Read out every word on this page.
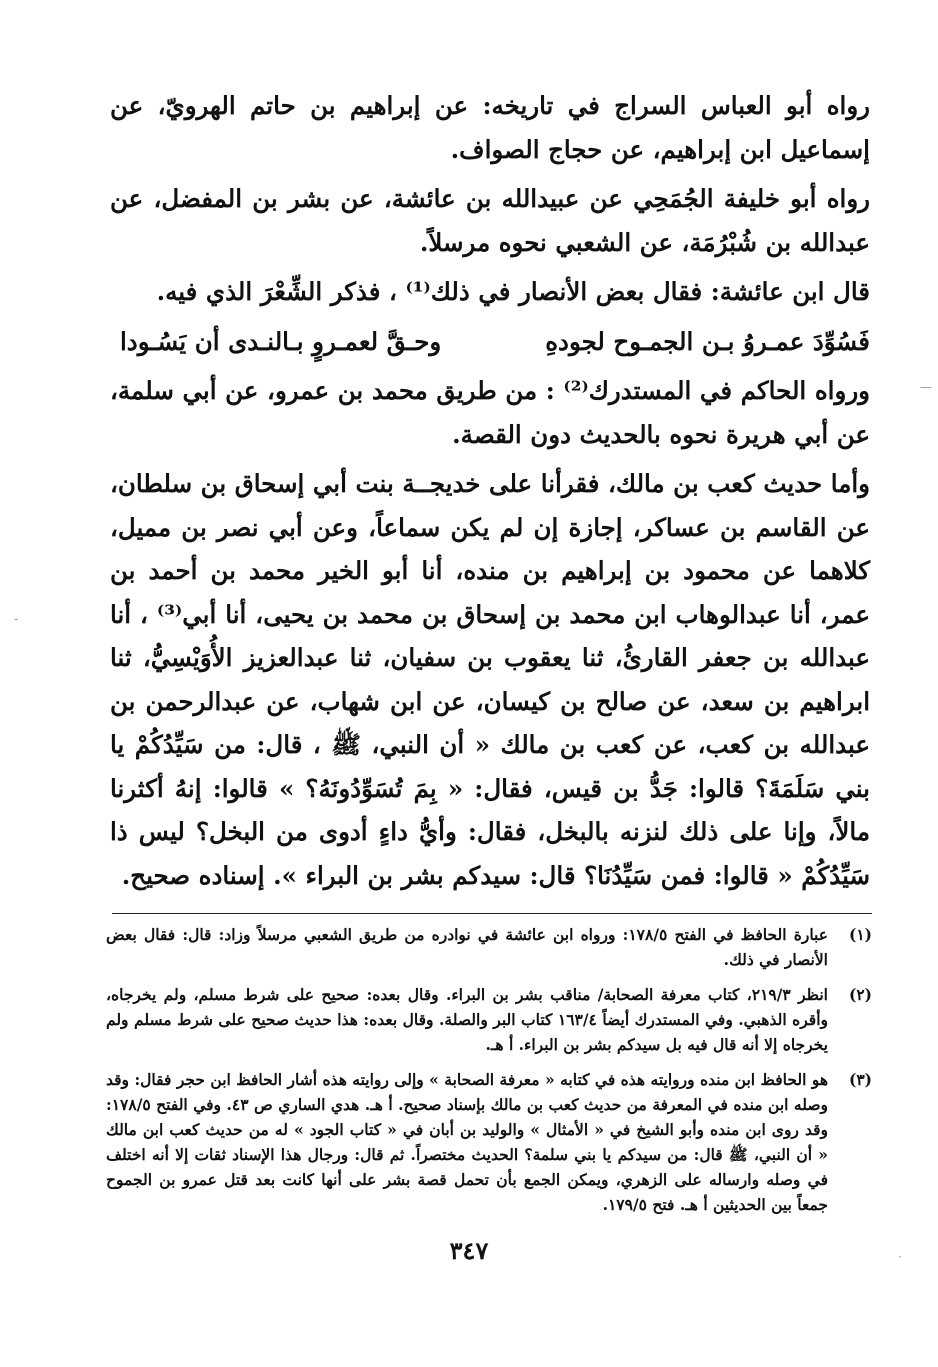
رواه أبو العباس السراج في تاريخه: عن إبراهيم بن حاتم الهرويّ، عن إسماعيل ابن إبراهيم، عن حجاج الصواف.

رواه أبو خليفة الجُمَحِي عن عبيدالله بن عائشة، عن بشر بن المفضل، عن عبدالله بن شُبْرُمَة، عن الشعبي نحوه مرسلاً.

قال ابن عائشة: فقال بعض الأنصار في ذلك⁽¹⁾ ، فذكر الشِّعْرَ الذي فيه.

فَسُوِّدَ عمـروُ بـن الجمـوح لجودهِ
وحـقَّ لعمـروٍ بـالنـدى أن يَسُـودا

ورواه الحاكم في المستدرك⁽²⁾ : من طريق محمد بن عمرو، عن أبي سلمة، عن أبي هريرة نحوه بالحديث دون القصة.

وأما حديث كعب بن مالك، فقرأنا على خديجــة بنت أبي إسحاق بن سلطان، عن القاسم بن عساكر، إجازة إن لم يكن سماعاً، وعن أبي نصر بن مميل، كلاهما عن محمود بن إبراهيم بن منده، أنا أبو الخير محمد بن أحمد بن عمر، أنا عبدالوهاب ابن محمد بن إسحاق بن محمد بن يحيى، أنا أبي⁽³⁾ ، أنا عبدالله بن جعفر القارئُ، ثنا يعقوب بن سفيان، ثنا عبدالعزيز الأُوَيْسِيُّ، ثنا ابراهيم بن سعد، عن صالح بن كيسان، عن ابن شهاب، عن عبدالرحمن بن عبدالله بن كعب، عن كعب بن مالك « أن النبي، ﷺ ، قال: من سَيِّدُكُمْ يا بني سَلَمَةَ؟ قالوا: جَدُّ بن قيس، فقال: « بِمَ تُسَوِّدُونَهُ؟ » قالوا: إنهُ أكثرنا مالاً، وإنا على ذلك لنزنه بالبخل، فقال: وأيُّ داءٍ أدوى من البخل؟ ليس ذا سَيِّدُكُمْ « قالوا: فمن سَيِّدُنَا؟ قال: سيدكم بشر بن البراء ». إسناده صحيح.

(١)
عبارة الحافظ في الفتح ١٧٨/٥: ورواه ابن عائشة في نوادره من طريق الشعبي مرسلاً وزاد: قال: فقال بعض الأنصار في ذلك.
(٢)
انظر ٢١٩/٣، كتاب معرفة الصحابة/ مناقب بشر بن البراء. وقال بعده: صحيح على شرط مسلم، ولم يخرجاه، وأقره الذهبي. وفي المستدرك أيضاً ١٦٣/٤ كتاب البر والصلة. وقال بعده: هذا حديث صحيح على شرط مسلم ولم يخرجاه إلا أنه قال فيه بل سيدكم بشر بن البراء. أ هـ.
(٣)
هو الحافظ ابن منده وروايته هذه في كتابه « معرفة الصحابة » وإلى روايته هذه أشار الحافظ ابن حجر فقال: وقد وصله ابن منده في المعرفة من حديث كعب بن مالك بإسناد صحيح. أ هـ. هدي الساري ص ٤٣. وفي الفتح ١٧٨/٥: وقد روى ابن منده وأبو الشيخ في « الأمثال » والوليد بن أبان في « كتاب الجود » له من حديث كعب ابن مالك « أن النبي، ﷺ قال: من سيدكم يا بني سلمة؟ الحديث مختصراً. ثم قال: ورجال هذا الإسناد ثقات إلا أنه اختلف في وصله وارساله على الزهري، ويمكن الجمع بأن تحمل قصة بشر على أنها كانت بعد قتل عمرو بن الجموح جمعاً بين الحديثين أ هـ. فتح ١٧٩/٥.
٣٤٧
—
-
·
